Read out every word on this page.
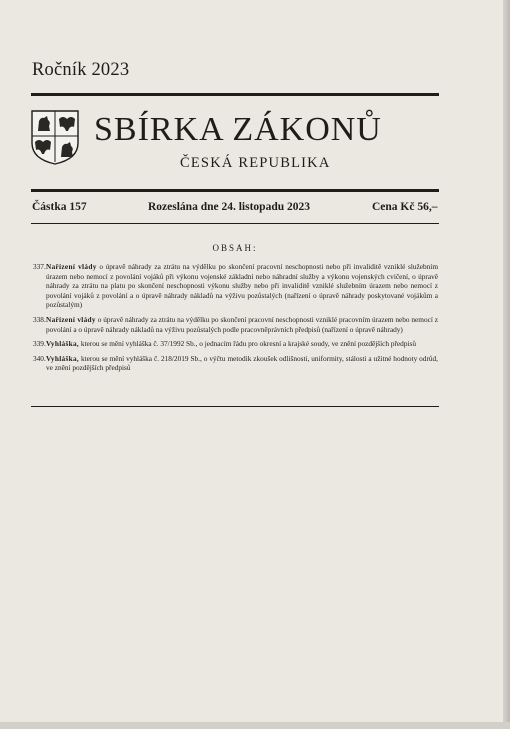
Ročník 2023
SBÍRKA ZÁKONŮ
ČESKÁ REPUBLIKA
Částka 157	Rozeslána dne 24. listopadu 2023	Cena Kč 56,–
OBSAH:
337. Nařízení vlády o úpravě náhrady za ztrátu na výdělku po skončení pracovní neschopnosti nebo při invaliditě vzniklé služebním úrazem nebo nemocí z povolání vojáků při výkonu vojenské základní nebo náhradní služby a výkonu vojenských cvičení, o úpravě náhrady za ztrátu na platu po skončení neschopnosti výkonu služby nebo při invaliditě vzniklé služebním úrazem nebo nemocí z povolání vojáků z povolání a o úpravě náhrady nákladů na výživu pozůstalých (nařízení o úpravě náhrady poskytované vojákům a pozůstalým)
338. Nařízení vlády o úpravě náhrady za ztrátu na výdělku po skončení pracovní neschopnosti vzniklé pracovním úrazem nebo nemocí z povolání a o úpravě náhrady nákladů na výživu pozůstalých podle pracovněprávních předpisů (nařízení o úpravě náhrady)
339. Vyhláška, kterou se mění vyhláška č. 37/1992 Sb., o jednacím řádu pro okresní a krajské soudy, ve znění pozdějších předpisů
340. Vyhláška, kterou se mění vyhláška č. 218/2019 Sb., o výčtu metodik zkoušek odlišnosti, uniformity, stálosti a užitné hodnoty odrůd, ve znění pozdějších předpisů
